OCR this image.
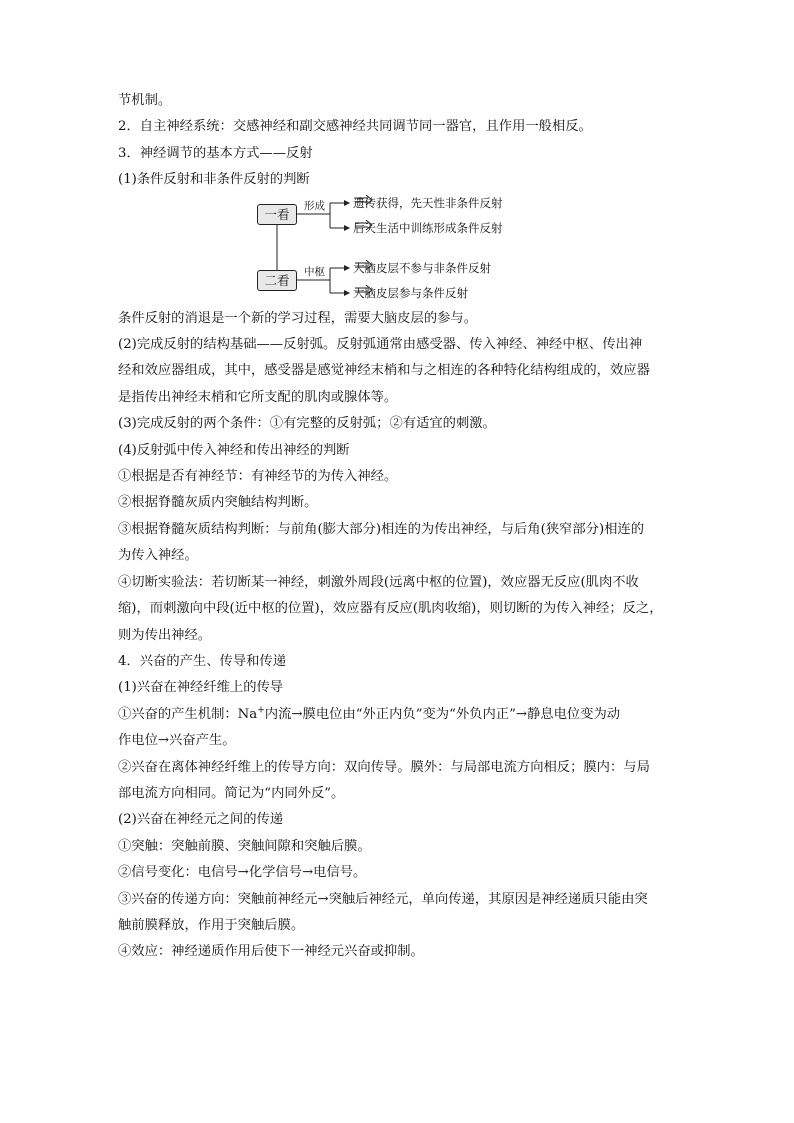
节机制。
2．自主神经系统：交感神经和副交感神经共同调节同一器官，且作用一般相反。
3．神经调节的基本方式——反射
(1)条件反射和非条件反射的判断
一看
二看
形成
中枢
遗传获得，先天性
非条件反射
后天生活中训练形成
条件反射
大脑皮层不参与
非条件反射
大脑皮层参与
条件反射
条件反射的消退是一个新的学习过程，需要大脑皮层的参与。
(2)完成反射的结构基础——反射弧。反射弧通常由感受器、传入神经、神经中枢、传出神
经和效应器组成，其中，感受器是感觉神经末梢和与之相连的各种特化结构组成的，效应器
是指传出神经末梢和它所支配的肌肉或腺体等。
(3)完成反射的两个条件：①有完整的反射弧；②有适宜的刺激。
(4)反射弧中传入神经和传出神经的判断
①根据是否有神经节：有神经节的为传入神经。
②根据脊髓灰质内突触结构判断。
③根据脊髓灰质结构判断：与前角(膨大部分)相连的为传出神经，与后角(狭窄部分)相连的
为传入神经。
④切断实验法：若切断某一神经，刺激外周段(远离中枢的位置)，效应器无反应(肌肉不收
缩)，而刺激向中段(近中枢的位置)，效应器有反应(肌肉收缩)，则切断的为传入神经；反之，
则为传出神经。
4．兴奋的产生、传导和传递
(1)兴奋在神经纤维上的传导
①兴奋的产生机制：Na+内流→膜电位由“外正内负”变为“外负内正”→静息电位变为动
作电位→兴奋产生。
②兴奋在离体神经纤维上的传导方向：双向传导。膜外：与局部电流方向相反；膜内：与局
部电流方向相同。简记为“内同外反”。
(2)兴奋在神经元之间的传递
①突触：突触前膜、突触间隙和突触后膜。
②信号变化：电信号→化学信号→电信号。
③兴奋的传递方向：突触前神经元→突触后神经元，单向传递，其原因是神经递质只能由突
触前膜释放，作用于突触后膜。
④效应：神经递质作用后使下一神经元兴奋或抑制。
